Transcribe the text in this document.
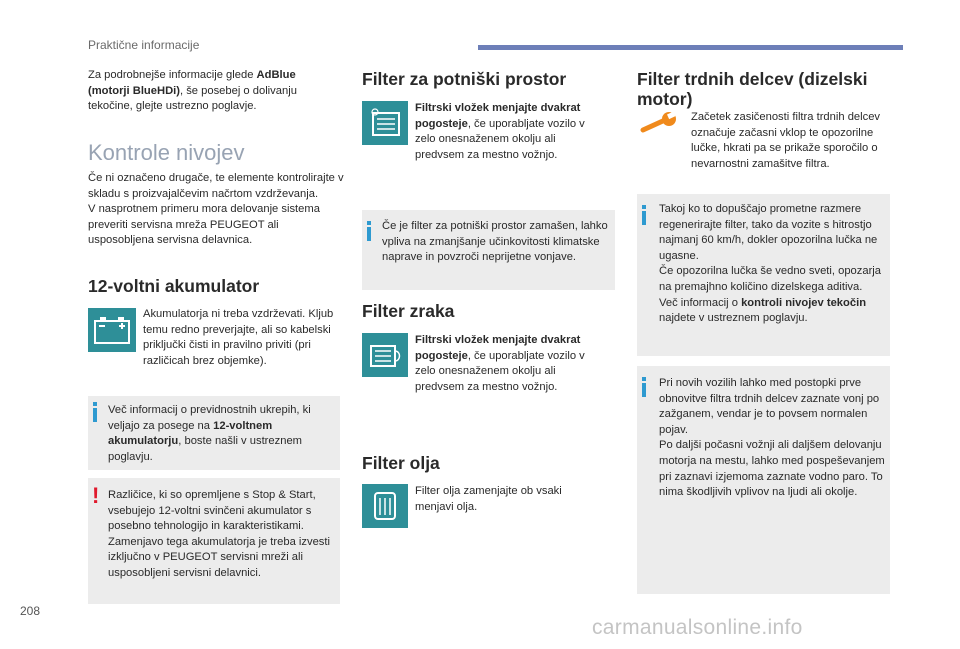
Praktične informacije

Za podrobnejše informacije glede AdBlue (motorji BlueHDi), še posebej o dolivanju tekočine, glejte ustrezno poglavje.

Kontrole nivojev

Če ni označeno drugače, te elemente kontrolirajte v skladu s proizvajalčevim načrtom vzdrževanja.
V nasprotnem primeru mora delovanje sistema preveriti servisna mreža PEUGEOT ali usposobljena servisna delavnica.

12-voltni akumulator

Akumulatorja ni treba vzdrževati. Kljub temu redno preverjajte, ali so kabelski priključki čisti in pravilno priviti (pri različicah brez objemke).

Več informacij o previdnostnih ukrepih, ki veljajo za posege na 12-voltnem akumulatorju, boste našli v ustreznem poglavju.

! Različice, ki so opremljene s Stop & Start, vsebujejo 12-voltni svinčeni akumulator s posebno tehnologijo in karakteristikami. Zamenjavo tega akumulatorja je treba izvesti izključno v PEUGEOT servisni mreži ali usposobljeni servisni delavnici.

Filter za potniški prostor

Filtrski vložek menjajte dvakrat pogosteje, če uporabljate vozilo v zelo onesnaženem okolju ali predvsem za mestno vožnjo.

Če je filter za potniški prostor zamašen, lahko vpliva na zmanjšanje učinkovitosti klimatske naprave in povzroči neprijetne vonjave.

Filter zraka

Filtrski vložek menjajte dvakrat pogosteje, če uporabljate vozilo v zelo onesnaženem okolju ali predvsem za mestno vožnjo.

Filter olja

Filter olja zamenjajte ob vsaki menjavi olja.

Filter trdnih delcev (dizelski motor)

Začetek zasičenosti filtra trdnih delcev označuje začasni vklop te opozorilne lučke, hkrati pa se prikaže sporočilo o nevarnostni zamašitve filtra.

Takoj ko to dopuščajo prometne razmere regenerirajte filter, tako da vozite s hitrostjo najmanj 60 km/h, dokler opozorilna lučka ne ugasne.
Če opozorilna lučka še vedno sveti, opozarja na premajhno količino dizelskega aditiva.
Več informacij o kontroli nivojev tekočin najdete v ustreznem poglavju.

Pri novih vozilih lahko med postopki prve obnovitve filtra trdnih delcev zaznate vonj po zažganem, vendar je to povsem normalen pojav.
Po daljši počasni vožnji ali daljšem delovanju motorja na mestu, lahko med pospeševanjem pri zaznavi izjemoma zaznate vodno paro. To nima škodljivih vplivov na ljudi ali okolje.

208
carmanualsonline.info
